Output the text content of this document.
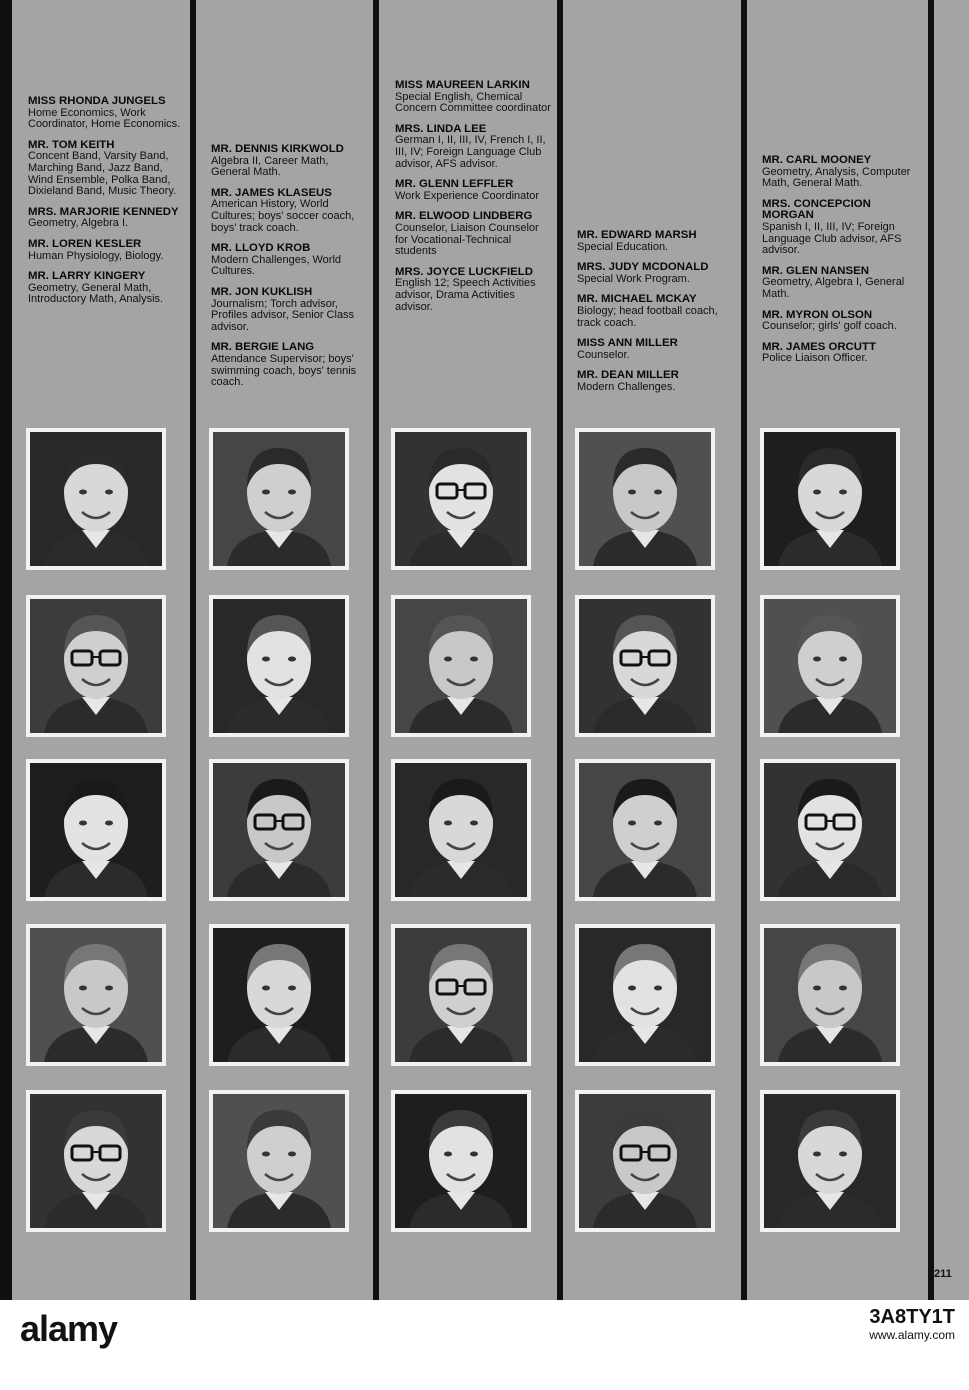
MISS RHONDA JUNGELS
Home Economics, Work Coordinator, Home Economics.
MR. TOM KEITH
Concent Band, Varsity Band, Marching Band, Jazz Band, Wind Ensemble, Polka Band, Dixieland Band, Music Theory.
MRS. MARJORIE KENNEDY
Geometry, Algebra I.
MR. LOREN KESLER
Human Physiology, Biology.
MR. LARRY KINGERY
Geometry, General Math, Introductory Math, Analysis.
MR. DENNIS KIRKWOLD
Algebra II, Career Math, General Math.
MR. JAMES KLASEUS
American History, World Cultures; boys' soccer coach, boys' track coach.
MR. LLOYD KROB
Modern Challenges, World Cultures.
MR. JON KUKLISH
Journalism; Torch advisor, Profiles advisor, Senior Class advisor.
MR. BERGIE LANG
Attendance Supervisor; boys' swimming coach, boys' tennis coach.
MISS MAUREEN LARKIN
Special English, Chemical Concern Committee coordinator
MRS. LINDA LEE
German I, II, III, IV, French I, II, III, IV; Foreign Language Club advisor, AFS advisor.
MR. GLENN LEFFLER
Work Experience Coordinator
MR. ELWOOD LINDBERG
Counselor, Liaison Counselor for Vocational-Technical students
MRS. JOYCE LUCKFIELD
English 12; Speech Activities advisor, Drama Activities advisor.
MR. EDWARD MARSH
Special Education.
MRS. JUDY MCDONALD
Special Work Program.
MR. MICHAEL MCKAY
Biology; head football coach, track coach.
MISS ANN MILLER
Counselor.
MR. DEAN MILLER
Modern Challenges.
MR. CARL MOONEY
Geometry, Analysis, Computer Math, General Math.
MRS. CONCEPCION MORGAN
Spanish I, II, III, IV; Foreign Language Club advisor, AFS advisor.
MR. GLEN NANSEN
Geometry, Algebra I, General Math.
MR. MYRON OLSON
Counselor; girls' golf coach.
MR. JAMES ORCUTT
Police Liaison Officer.
211
alamy	3A8TY1T
www.alamy.com
